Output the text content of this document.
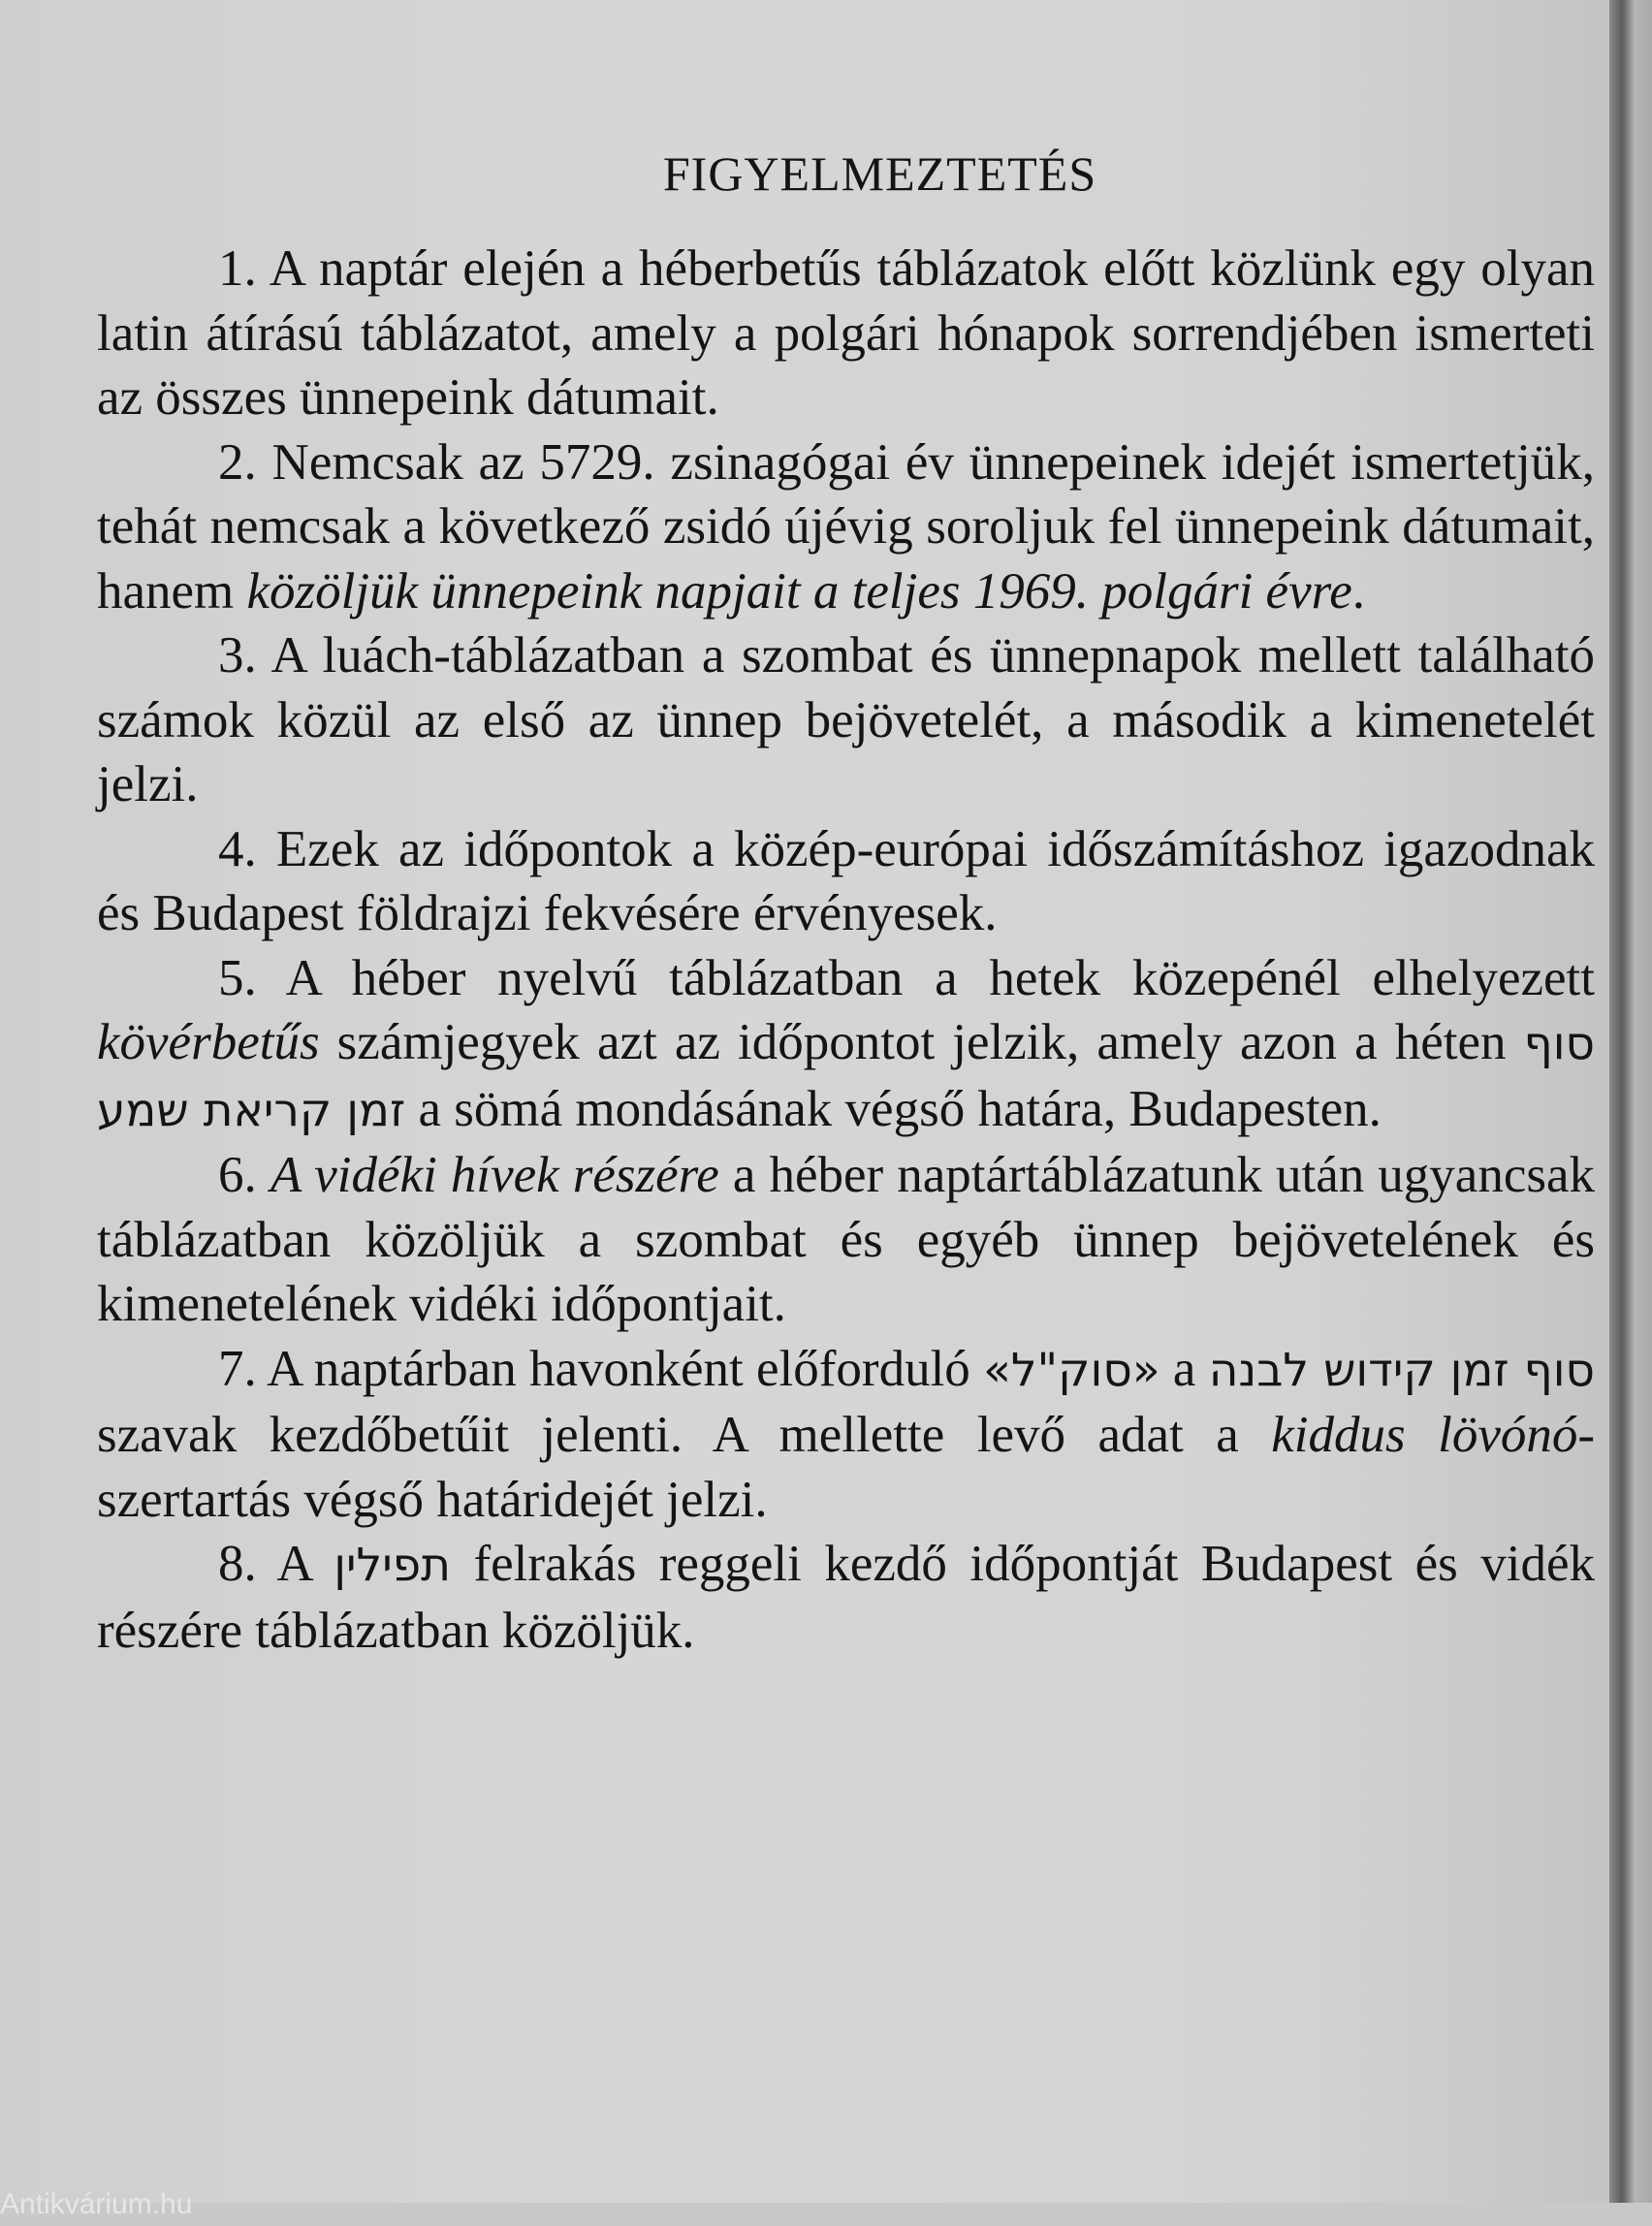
FIGYELMEZTETÉS

1. A naptár elején a héberbetűs táblázatok előtt közlünk egy olyan latin átírású táblázatot, amely a polgári hónapok sorrendjében ismerteti az összes ünnepeink dátumait.

2. Nemcsak az 5729. zsinagógai év ünnepeinek idejét ismertetjük, tehát nemcsak a következő zsidó újévig soroljuk fel ünnepeink dátumait, hanem közöljük ünnepeink napjait a teljes 1969. polgári évre.

3. A luách-táblázatban a szombat és ünnepnapok mellett található számok közül az első az ünnep bejövetelét, a második a kimenetelét jelzi.

4. Ezek az időpontok a közép-európai időszámításhoz igazodnak és Budapest földrajzi fekvésére érvényesek.

5. A héber nyelvű táblázatban a hetek közepénél elhelyezett kövérbetűs számjegyek azt az időpontot jelzik, amely azon a héten סוף זמן קריאת שמע a sömá mondásának végső határa, Budapesten.

6. A vidéki hívek részére a héber naptártáblázatunk után ugyancsak táblázatban közöljük a szombat és egyéb ünnep bejövetelének és kimenetelének vidéki időpontjait.

7. A naptárban havonként előforduló «סוק"ל» a סוף זמן קידוש לבנה szavak kezdőbetűit jelenti. A mellette levő adat a kiddus lövónó-szertartás végső határidejét jelzi.

8. A תפילין felrakás reggeli kezdő időpontját Budapest és vidék részére táblázatban közöljük.

Antikvárium.hu
